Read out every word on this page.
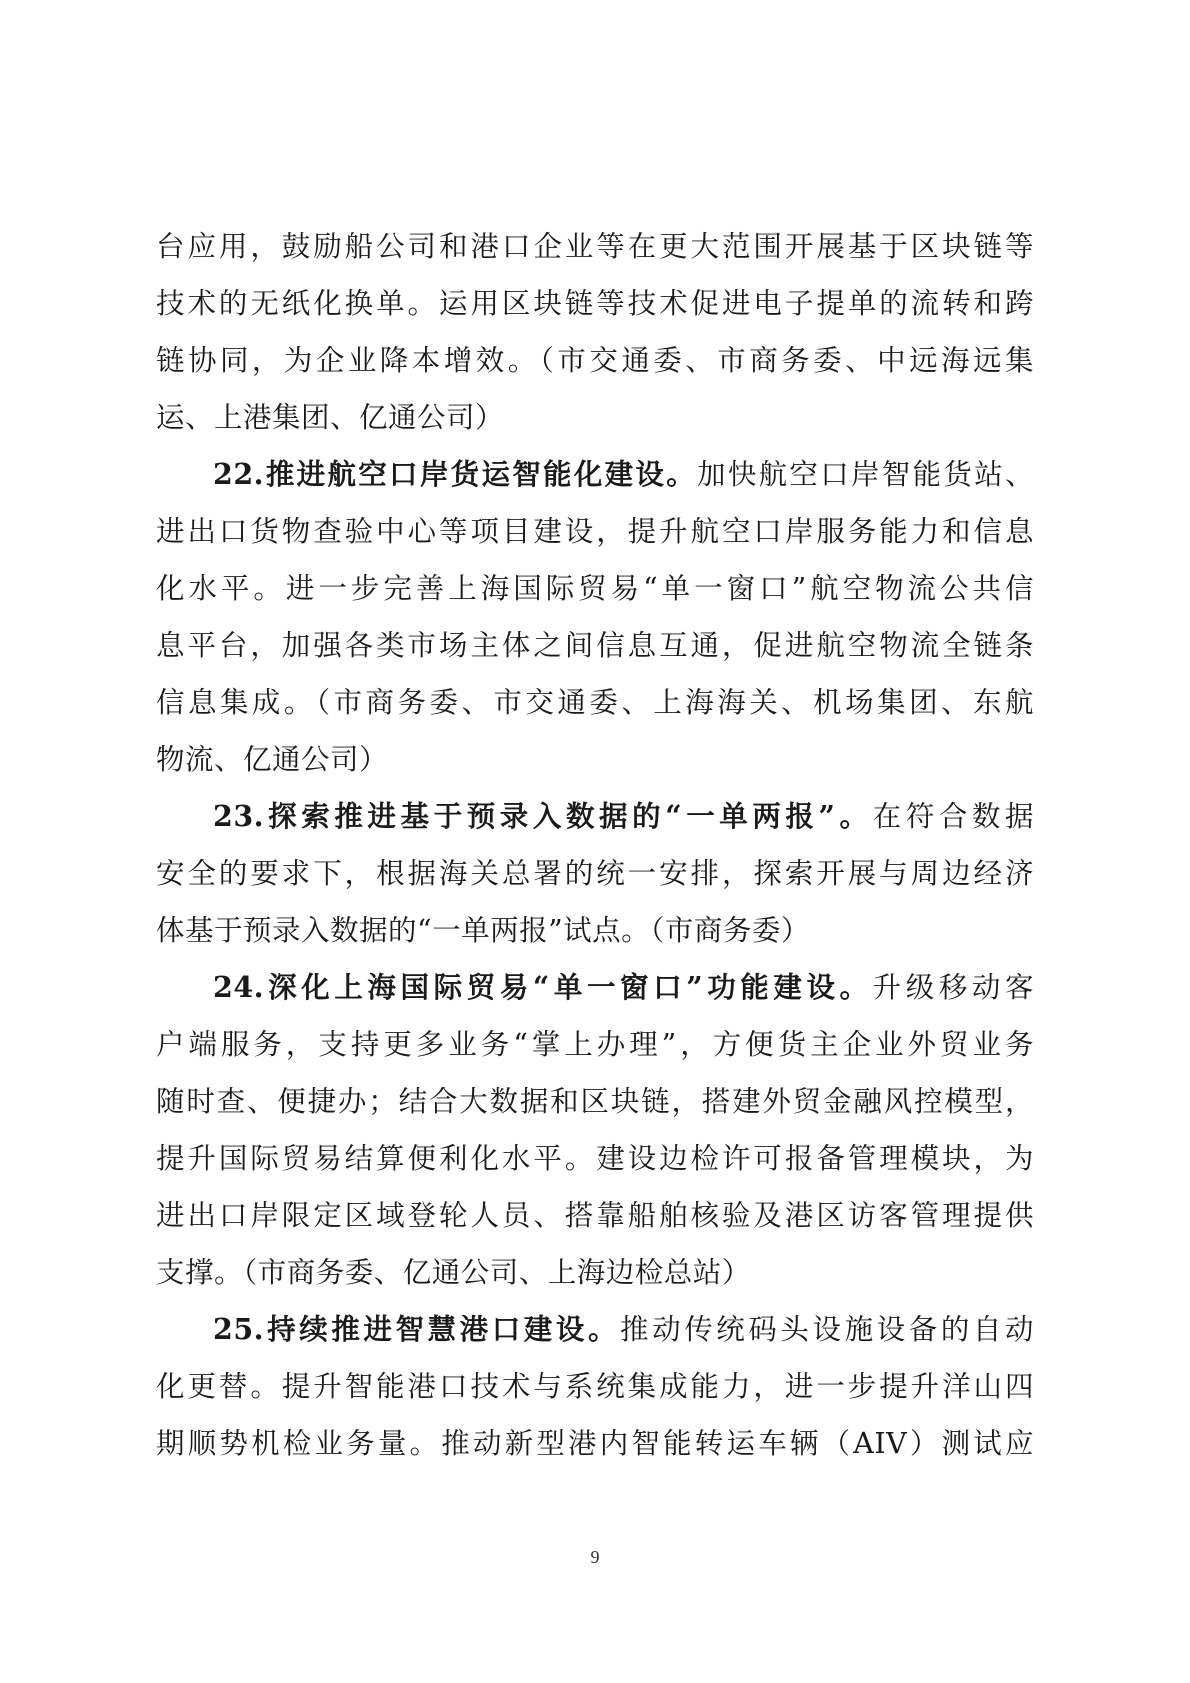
台应用，鼓励船公司和港口企业等在更大范围开展基于区块链等
技术的无纸化换单。运用区块链等技术促进电子提单的流转和跨
链协同，为企业降本增效。（市交通委、市商务委、中远海远集
运、上港集团、亿通公司）
22.推进航空口岸货运智能化建设。加快航空口岸智能货站、
进出口货物查验中心等项目建设，提升航空口岸服务能力和信息
化水平。进一步完善上海国际贸易“单一窗口”航空物流公共信
息平台，加强各类市场主体之间信息互通，促进航空物流全链条
信息集成。（市商务委、市交通委、上海海关、机场集团、东航
物流、亿通公司）
23.探索推进基于预录入数据的“一单两报”。在符合数据
安全的要求下，根据海关总署的统一安排，探索开展与周边经济
体基于预录入数据的“一单两报”试点。（市商务委）
24.深化上海国际贸易“单一窗口”功能建设。升级移动客
户端服务，支持更多业务“掌上办理”，方便货主企业外贸业务
随时查、便捷办；结合大数据和区块链，搭建外贸金融风控模型，
提升国际贸易结算便利化水平。建设边检许可报备管理模块，为
进出口岸限定区域登轮人员、搭靠船舶核验及港区访客管理提供
支撑。（市商务委、亿通公司、上海边检总站）
25.持续推进智慧港口建设。推动传统码头设施设备的自动
化更替。提升智能港口技术与系统集成能力，进一步提升洋山四
期顺势机检业务量。推动新型港内智能转运车辆（AIV）测试应
9
